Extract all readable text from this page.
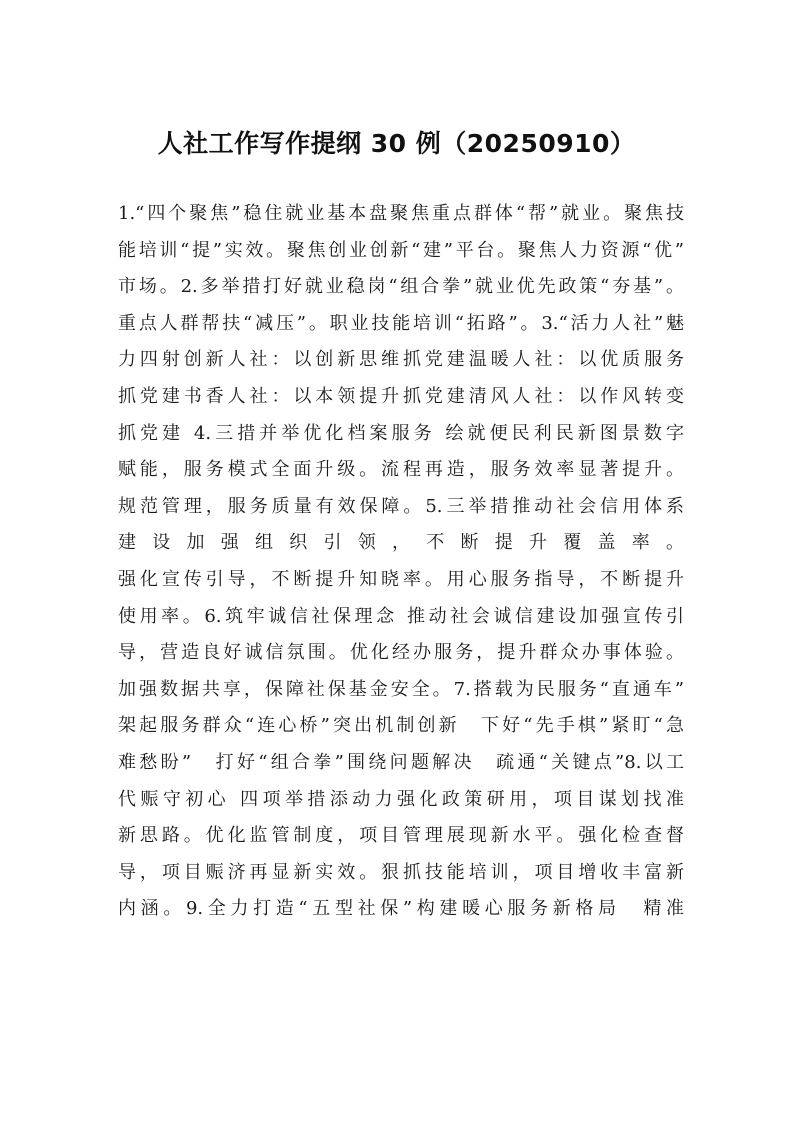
人社工作写作提纲 30 例（20250910）
1.“四个聚焦”稳住就业基本盘聚焦重点群体“帮”就业。聚焦技
能培训“提”实效。聚焦创业创新“建”平台。聚焦人力资源“优”
市场。2.多举措打好就业稳岗“组合拳”就业优先政策“夯基”。
重点人群帮扶“减压”。职业技能培训“拓路”。3.“活力人社”魅
力四射创新人社：以创新思维抓党建温暖人社：以优质服务
抓党建书香人社：以本领提升抓党建清风人社：以作风转变
抓党建 4.三措并举优化档案服务 绘就便民利民新图景数字
赋能，服务模式全面升级。流程再造，服务效率显著提升。
规范管理，服务质量有效保障。5.三举措推动社会信用体系
建 设 加 强 组 织 引 领 ， 不 断 提 升 覆 盖 率 。
强化宣传引导，不断提升知晓率。用心服务指导，不断提升
使用率。6.筑牢诚信社保理念 推动社会诚信建设加强宣传引
导，营造良好诚信氛围。优化经办服务，提升群众办事体验。
加强数据共享，保障社保基金安全。7.搭载为民服务“直通车”
架起服务群众“连心桥”突出机制创新　下好“先手棋”紧盯“急
难愁盼”　打好“组合拳”围绕问题解决　疏通“关键点”8.以工
代赈守初心 四项举措添动力强化政策研用，项目谋划找准
新思路。优化监管制度，项目管理展现新水平。强化检查督
导，项目赈济再显新实效。狠抓技能培训，项目增收丰富新
内涵。9.全力打造“五型社保”构建暖心服务新格局　精准
